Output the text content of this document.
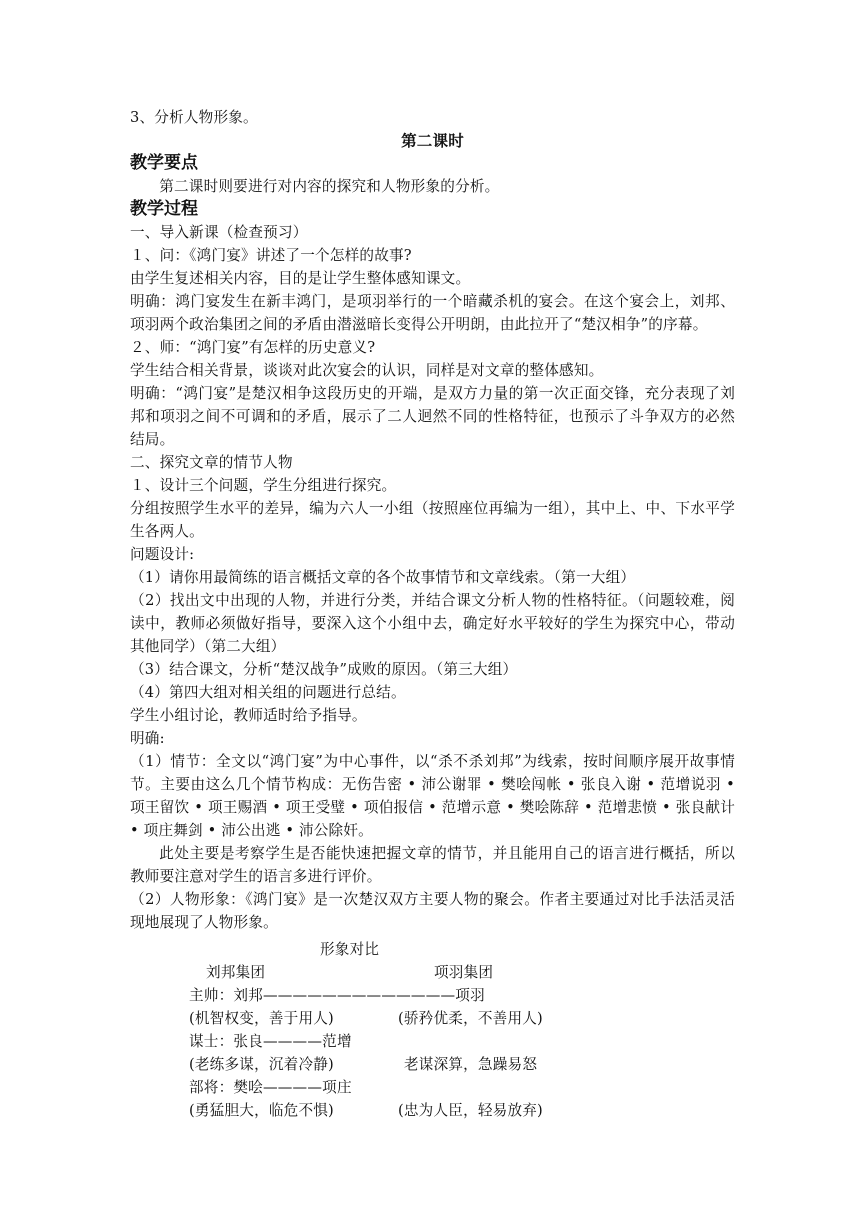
3、分析人物形象。
第二课时
教学要点
第二课时则要进行对内容的探究和人物形象的分析。
教学过程
一、导入新课（检查预习）
１、问：《鸿门宴》讲述了一个怎样的故事?
由学生复述相关内容，目的是让学生整体感知课文。
明确：鸿门宴发生在新丰鸿门，是项羽举行的一个暗藏杀机的宴会。在这个宴会上，刘邦、项羽两个政治集团之间的矛盾由潜滋暗长变得公开明朗，由此拉开了“楚汉相争”的序幕。
２、师：“鸿门宴”有怎样的历史意义?
学生结合相关背景，谈谈对此次宴会的认识，同样是对文章的整体感知。
明确：“鸿门宴”是楚汉相争这段历史的开端，是双方力量的第一次正面交锋，充分表现了刘邦和项羽之间不可调和的矛盾，展示了二人迥然不同的性格特征，也预示了斗争双方的必然结局。
二、探究文章的情节人物
１、设计三个问题，学生分组进行探究。
分组按照学生水平的差异，编为六人一小组（按照座位再编为一组），其中上、中、下水平学生各两人。
问题设计:
（1）请你用最简练的语言概括文章的各个故事情节和文章线索。（第一大组）
（2）找出文中出现的人物，并进行分类，并结合课文分析人物的性格特征。（问题较难，阅读中，教师必须做好指导，要深入这个小组中去，确定好水平较好的学生为探究中心，带动其他同学）（第二大组）
（3）结合课文，分析“楚汉战争”成败的原因。（第三大组）
（4）第四大组对相关组的问题进行总结。
学生小组讨论，教师适时给予指导。
明确:
（1）情节：全文以“鸿门宴”为中心事件，以“杀不杀刘邦”为线索，按时间顺序展开故事情节。主要由这么几个情节构成：无伤告密 • 沛公谢罪 • 樊哙闯帐 • 张良入谢 • 范增说羽 • 项王留饮 • 项王赐酒 • 项王受璧 • 项伯报信 • 范增示意 • 樊哙陈辞 • 范增悲愤 • 张良献计 • 项庄舞剑 • 沛公出逃 • 沛公除奸。
此处主要是考察学生是否能快速把握文章的情节，并且能用自己的语言进行概括，所以教师要注意对学生的语言多进行评价。
（2）人物形象：《鸿门宴》是一次楚汉双方主要人物的聚会。作者主要通过对比手法活灵活现地展现了人物形象。
形象对比
刘邦集团	项羽集团
主帅：刘邦—————————————项羽
(机智权变，善于用人)	(骄矜优柔，不善用人)
谋士：张良————范增
(老练多谋，沉着冷静)	老谋深算，急躁易怒
部将：樊哙————项庄
(勇猛胆大，临危不惧)	(忠为人臣，轻易放弃)
